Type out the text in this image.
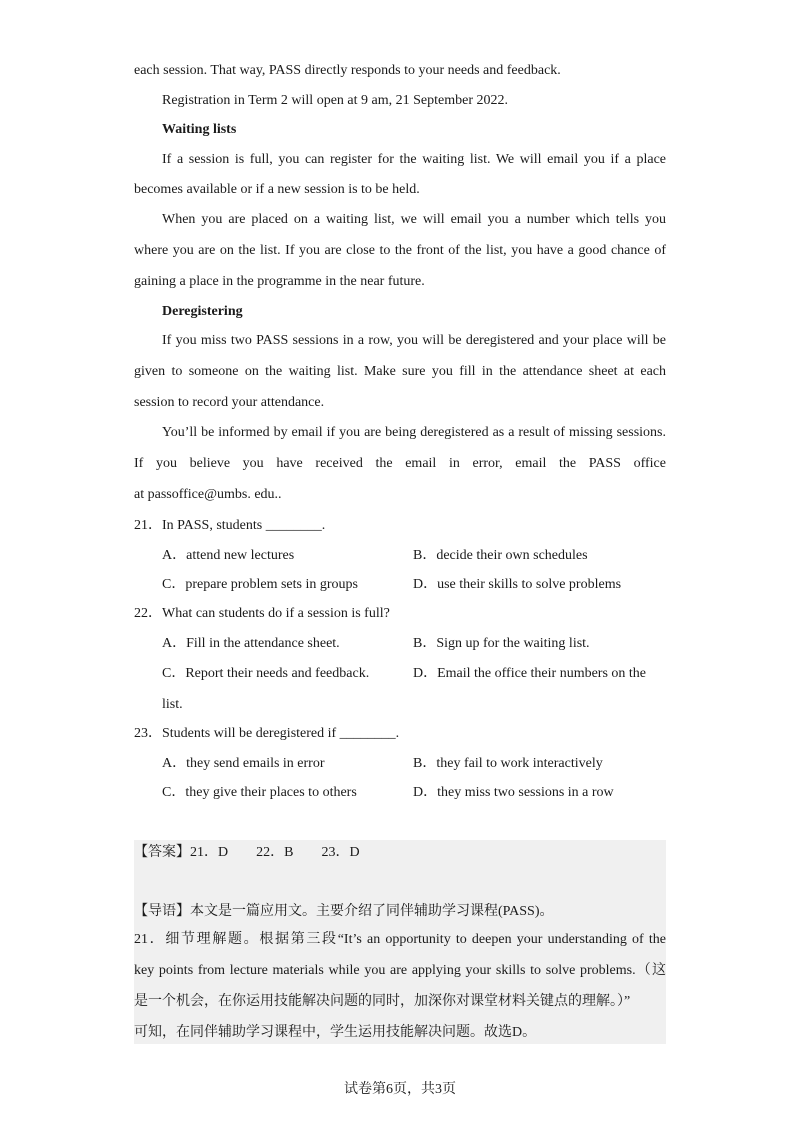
each session. That way, PASS directly responds to your needs and feedback.
Registration in Term 2 will open at 9 am, 21 September 2022.
Waiting lists
If a session is full, you can register for the waiting list. We will email you if a place
becomes available or if a new session is to be held.
When you are placed on a waiting list, we will email you a number which tells you
where you are on the list. If you are close to the front of the list, you have a good chance of
gaining a place in the programme in the near future.
Deregistering
If you miss two PASS sessions in a row, you will be deregistered and your place will be
given to someone on the waiting list. Make sure you fill in the attendance sheet at each
session to record your attendance.
You’ll be informed by email if you are being deregistered as a result of missing sessions.
If you believe you have received the email in error, email the PASS office
at passoffice@umbs. edu..
21．In PASS, students ________.
A．attend new lectures	B．decide their own schedules
C．prepare problem sets in groups	D．use their skills to solve problems
22．What can students do if a session is full?
A．Fill in the attendance sheet.	B．Sign up for the waiting list.
C．Report their needs and feedback.	D．Email the office their numbers on the
list.
23．Students will be deregistered if ________.
A．they send emails in error	B．they fail to work interactively
C．they give their places to others	D．they miss two sessions in a row
【答案】21．D　　22．B　　23．D
【导语】本文是一篇应用文。主要介绍了同伴辅助学习课程(PASS)。
21．细节理解题。根据第三段“It’s an opportunity to deepen your understanding of the
key points from lecture materials while you are applying your skills to solve problems.（这
是一个机会，在你运用技能解决问题的同时，加深你对课堂材料关键点的理解。）”
可知，在同伴辅助学习课程中，学生运用技能解决问题。故选D。
试卷第6页，共3页
